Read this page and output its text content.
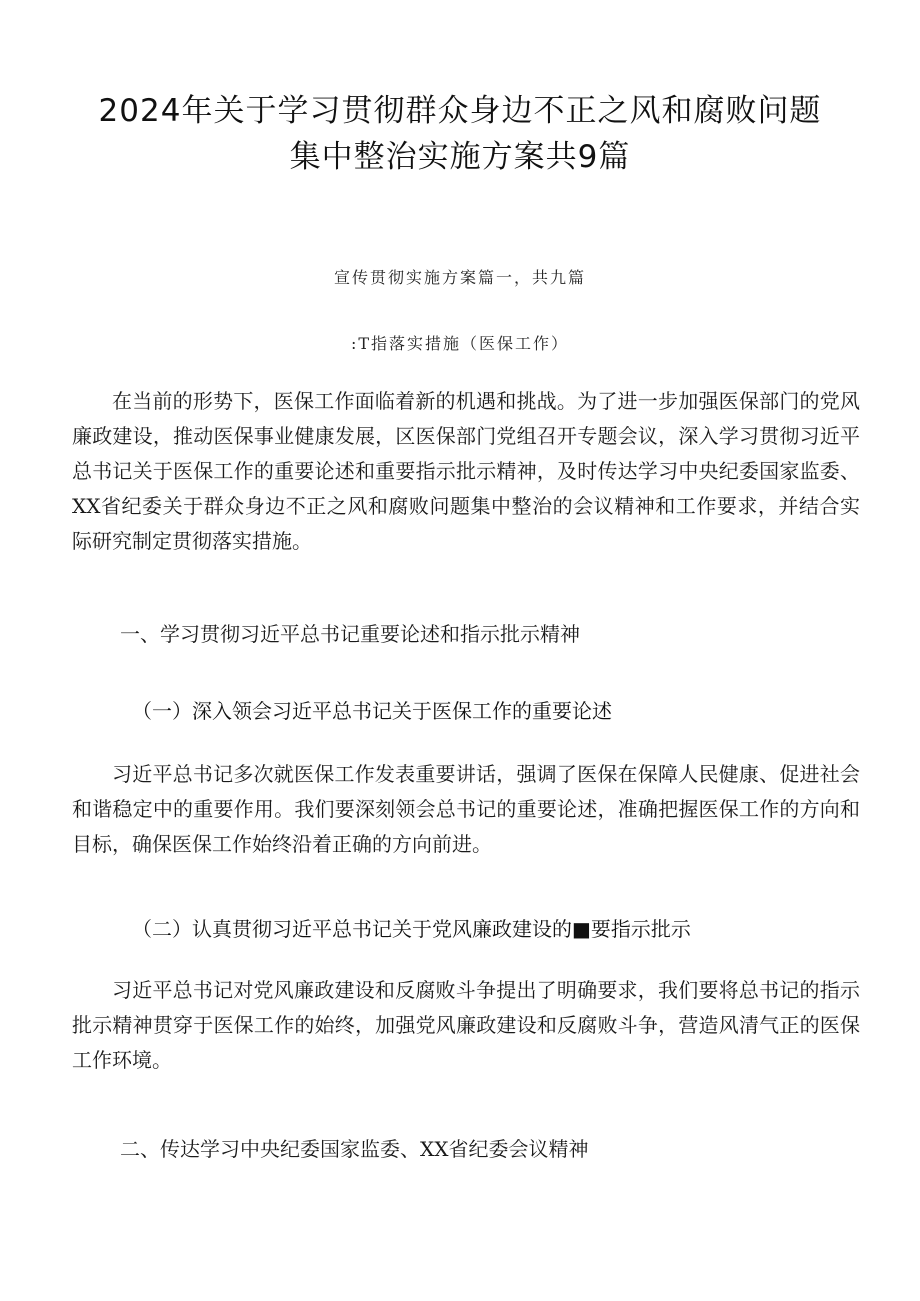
2024年关于学习贯彻群众身边不正之风和腐败问题
集中整治实施方案共9篇
宣传贯彻实施方案篇一，共九篇
:T指落实措施（医保工作）

在当前的形势下，医保工作面临着新的机遇和挑战。为了进一步加强医保部门的党风廉政建设，推动医保事业健康发展，区医保部门党组召开专题会议，深入学习贯彻习近平总书记关于医保工作的重要论述和重要指示批示精神，及时传达学习中央纪委国家监委、XX省纪委关于群众身边不正之风和腐败问题集中整治的会议精神和工作要求，并结合实际研究制定贯彻落实措施。

一、学习贯彻习近平总书记重要论述和指示批示精神
（一）深入领会习近平总书记关于医保工作的重要论述

习近平总书记多次就医保工作发表重要讲话，强调了医保在保障人民健康、促进社会和谐稳定中的重要作用。我们要深刻领会总书记的重要论述，准确把握医保工作的方向和目标，确保医保工作始终沿着正确的方向前进。

（二）认真贯彻习近平总书记关于党风廉政建设的■要指示批示

习近平总书记对党风廉政建设和反腐败斗争提出了明确要求，我们要将总书记的指示批示精神贯穿于医保工作的始终，加强党风廉政建设和反腐败斗争，营造风清气正的医保工作环境。

二、传达学习中央纪委国家监委、XX省纪委会议精神
